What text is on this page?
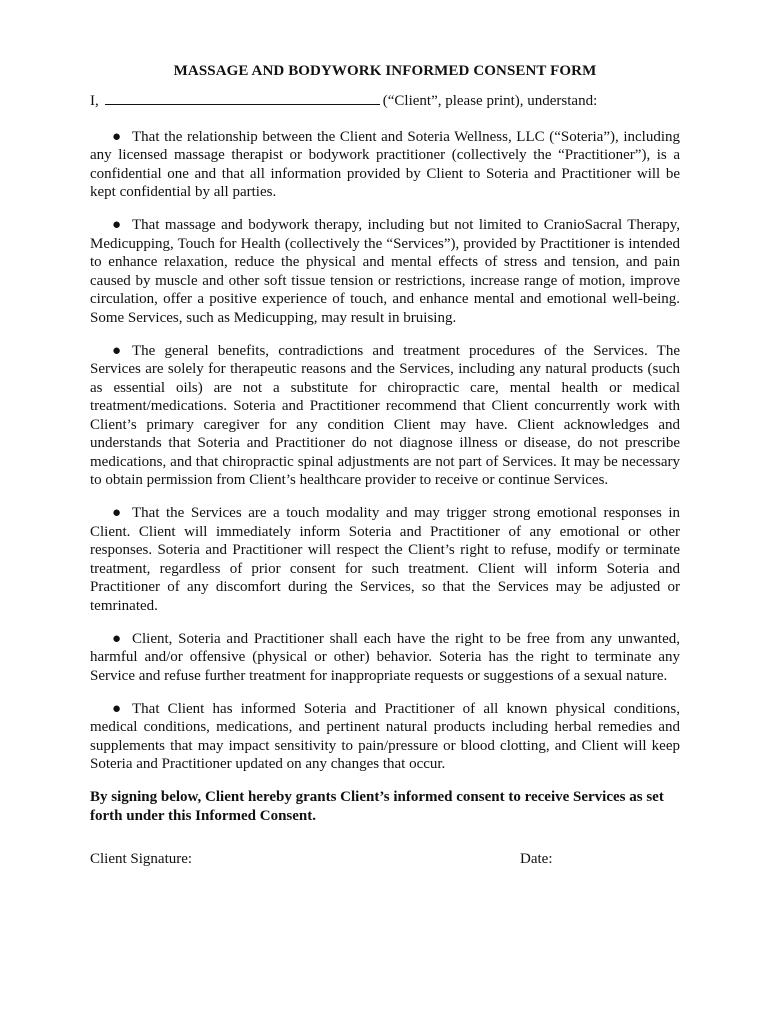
MASSAGE AND BODYWORK INFORMED CONSENT FORM
I,	(“Client”, please print), understand:

● That the relationship between the Client and Soteria Wellness, LLC (“Soteria”), including any licensed massage therapist or bodywork practitioner (collectively the “Practitioner”), is a confidential one and that all information provided by Client to Soteria and Practitioner will be kept confidential by all parties.

● That massage and bodywork therapy, including but not limited to CranioSacral Therapy, Medicupping, Touch for Health (collectively the “Services”), provided by Practitioner is intended to enhance relaxation, reduce the physical and mental effects of stress and tension, and pain caused by muscle and other soft tissue tension or restrictions, increase range of motion, improve circulation, offer a positive experience of touch, and enhance mental and emotional well-being. Some Services, such as Medicupping, may result in bruising.

● The general benefits, contradictions and treatment procedures of the Services. The Services are solely for therapeutic reasons and the Services, including any natural products (such as essential oils) are not a substitute for chiropractic care, mental health or medical treatment/medications. Soteria and Practitioner recommend that Client concurrently work with Client’s primary caregiver for any condition Client may have. Client acknowledges and understands that Soteria and Practitioner do not diagnose illness or disease, do not prescribe medications, and that chiropractic spinal adjustments are not part of Services. It may be necessary to obtain permission from Client’s healthcare provider to receive or continue Services.

● That the Services are a touch modality and may trigger strong emotional responses in Client. Client will immediately inform Soteria and Practitioner of any emotional or other responses. Soteria and Practitioner will respect the Client’s right to refuse, modify or terminate treatment, regardless of prior consent for such treatment. Client will inform Soteria and Practitioner of any discomfort during the Services, so that the Services may be adjusted or temrinated.

● Client, Soteria and Practitioner shall each have the right to be free from any unwanted, harmful and/or offensive (physical or other) behavior. Soteria has the right to terminate any Service and refuse further treatment for inappropriate requests or suggestions of a sexual nature.

● That Client has informed Soteria and Practitioner of all known physical conditions, medical conditions, medications, and pertinent natural products including herbal remedies and supplements that may impact sensitivity to pain/pressure or blood clotting, and Client will keep Soteria and Practitioner updated on any changes that occur.

By signing below, Client hereby grants Client’s informed consent to receive Services as set forth under this Informed Consent.

Client Signature:	Date:
